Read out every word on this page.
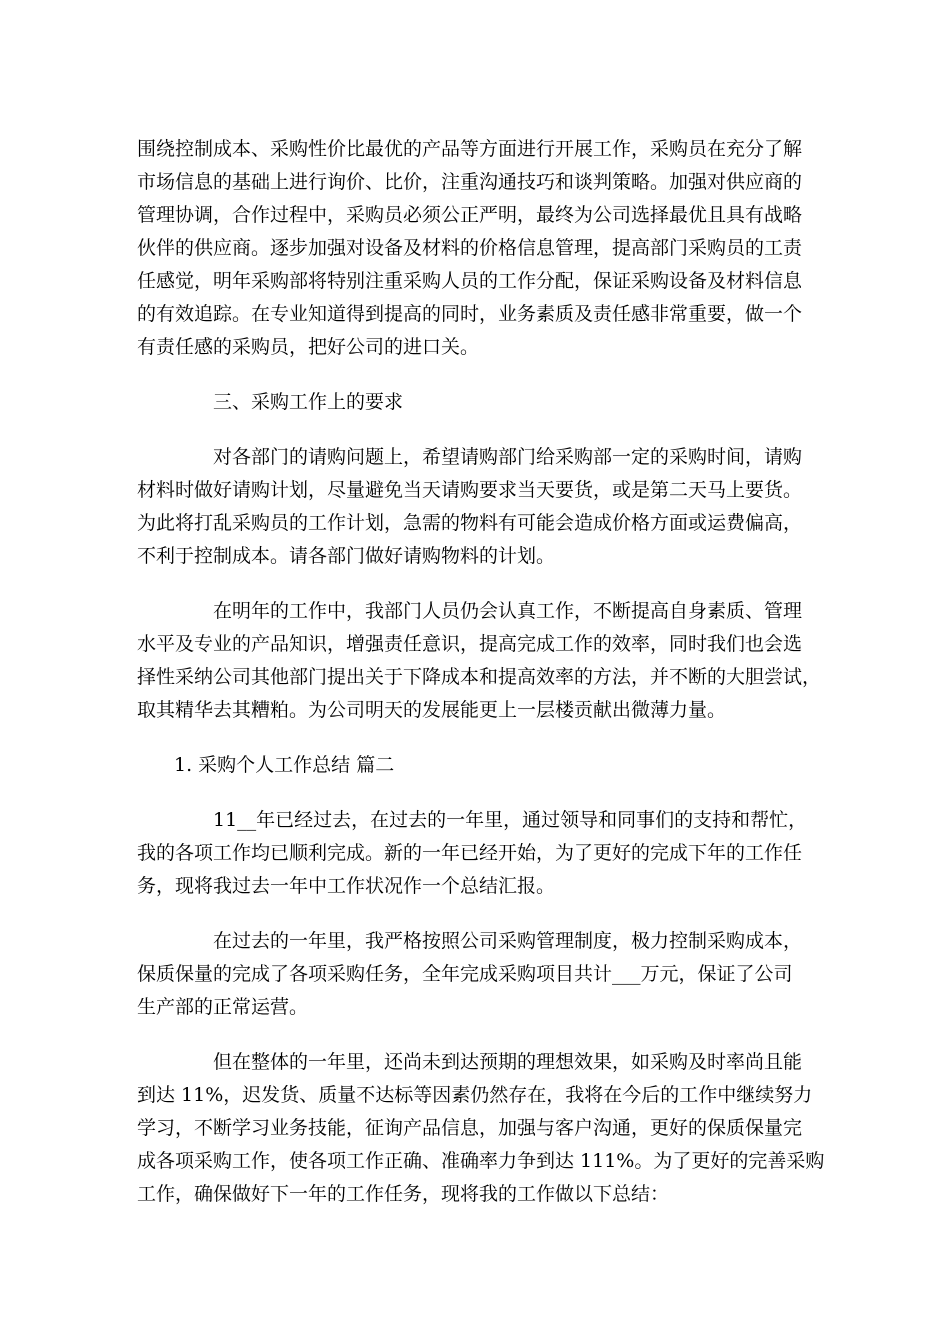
围绕控制成本、采购性价比最优的产品等方面进行开展工作，采购员在充分了解
市场信息的基础上进行询价、比价，注重沟通技巧和谈判策略。加强对供应商的
管理协调，合作过程中，采购员必须公正严明，最终为公司选择最优且具有战略
伙伴的供应商。逐步加强对设备及材料的价格信息管理，提高部门采购员的工责
任感觉，明年采购部将特别注重采购人员的工作分配，保证采购设备及材料信息
的有效追踪。在专业知道得到提高的同时，业务素质及责任感非常重要，做一个
有责任感的采购员，把好公司的进口关。
三、采购工作上的要求
对各部门的请购问题上，希望请购部门给采购部一定的采购时间，请购
材料时做好请购计划，尽量避免当天请购要求当天要货，或是第二天马上要货。
为此将打乱采购员的工作计划，急需的物料有可能会造成价格方面或运费偏高，
不利于控制成本。请各部门做好请购物料的计划。
在明年的工作中，我部门人员仍会认真工作，不断提高自身素质、管理
水平及专业的产品知识，增强责任意识，提高完成工作的效率，同时我们也会选
择性采纳公司其他部门提出关于下降成本和提高效率的方法，并不断的大胆尝试，
取其精华去其糟粕。为公司明天的发展能更上一层楼贡献出微薄力量。
1. 采购个人工作总结 篇二
11__年已经过去，在过去的一年里，通过领导和同事们的支持和帮忙，
我的各项工作均已顺利完成。新的一年已经开始，为了更好的完成下年的工作任
务，现将我过去一年中工作状况作一个总结汇报。
在过去的一年里，我严格按照公司采购管理制度，极力控制采购成本，
保质保量的完成了各项采购任务，全年完成采购项目共计___万元，保证了公司
生产部的正常运营。
但在整体的一年里，还尚未到达预期的理想效果，如采购及时率尚且能
到达 11%，迟发货、质量不达标等因素仍然存在，我将在今后的工作中继续努力
学习，不断学习业务技能，征询产品信息，加强与客户沟通，更好的保质保量完
成各项采购工作，使各项工作正确、准确率力争到达 111%。为了更好的完善采购
工作，确保做好下一年的工作任务，现将我的工作做以下总结：
